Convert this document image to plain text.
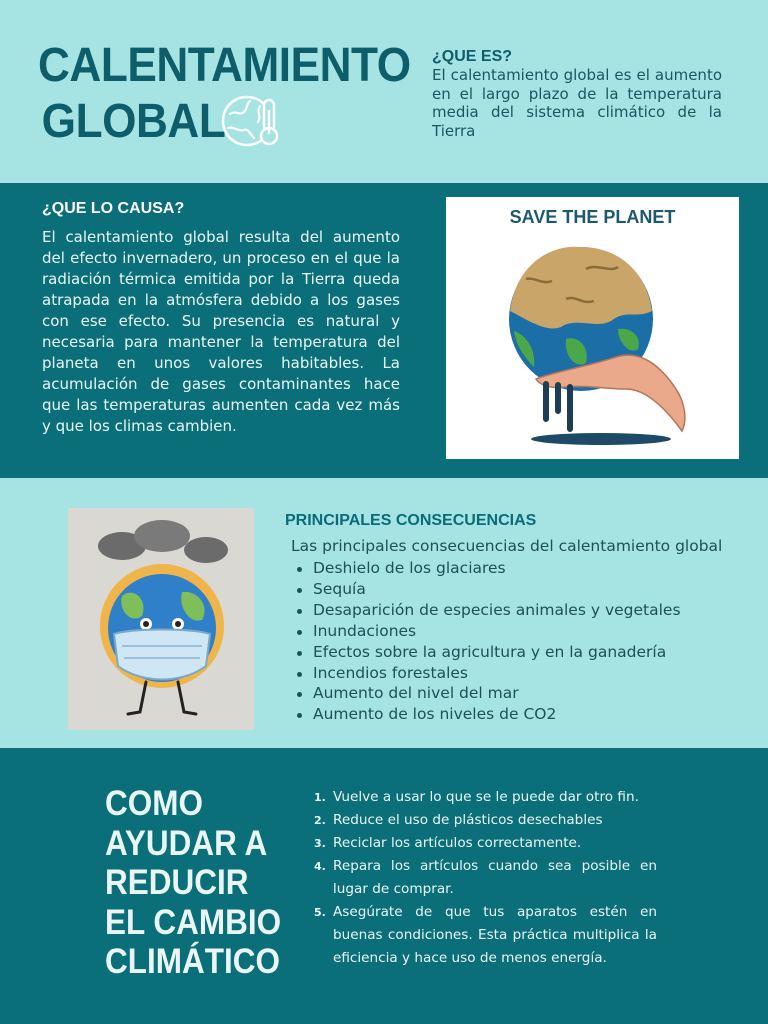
CALENTAMIENTO
GLOBAL
¿QUE ES?

El calentamiento global es el aumento en el largo plazo de la temperatura media del sistema climático de la Tierra

¿QUE LO CAUSA?

El calentamiento global resulta del aumento del efecto invernadero, un proceso en el que la radiación térmica emitida por la Tierra queda atrapada en la atmósfera debido a los gases con ese efecto. Su presencia es natural y necesaria para mantener la temperatura del planeta en unos valores habitables. La acumulación de gases contaminantes hace que las temperaturas aumenten cada vez más y que los climas cambien.

SAVE THE PLANET

PRINCIPALES CONSECUENCIAS

Las principales consecuencias del calentamiento global

Deshielo de los glaciares
Sequía
Desaparición de especies animales y vegetales
Inundaciones
Efectos sobre la agricultura y en la ganadería
Incendios forestales
Aumento del nivel del mar
Aumento de los niveles de CO2
COMO
AYUDAR A
REDUCIR
EL CAMBIO
CLIMÁTICO
1. Vuelve a usar lo que se le puede dar otro fin.
2. Reduce el uso de plásticos desechables
3. Reciclar los artículos correctamente.
4. Repara los artículos cuando sea posible en lugar de comprar.
5. Asegúrate de que tus aparatos estén en buenas condiciones. Esta práctica multiplica la eficiencia y hace uso de menos energía.
